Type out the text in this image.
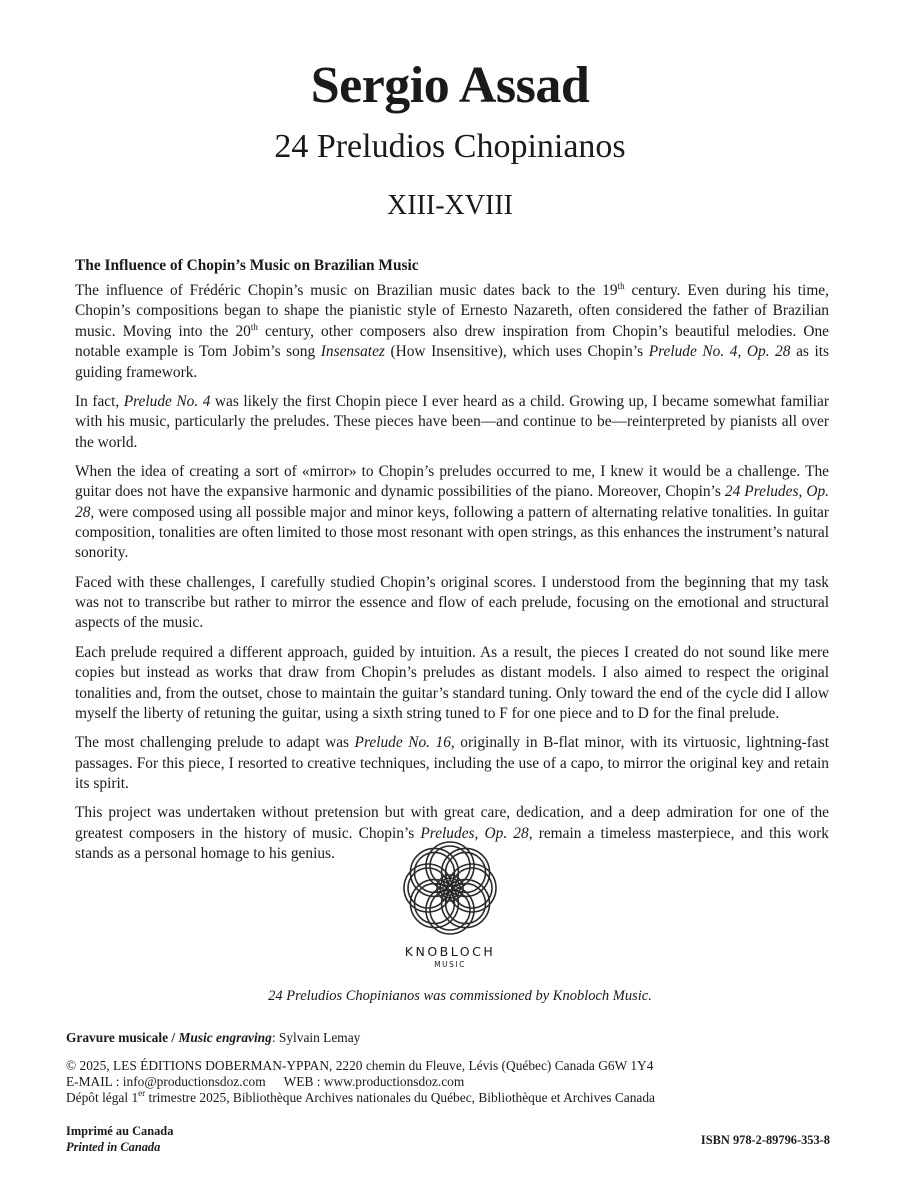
Sergio Assad
24 Preludios Chopinianos
XIII-XVIII
The Influence of Chopin’s Music on Brazilian Music

The influence of Frédéric Chopin’s music on Brazilian music dates back to the 19th century. Even during his time, Chopin’s compositions began to shape the pianistic style of Ernesto Nazareth, often considered the father of Brazilian music. Moving into the 20th century, other composers also drew inspiration from Chopin’s beautiful melodies. One notable example is Tom Jobim’s song Insensatez (How Insensitive), which uses Chopin’s Prelude No. 4, Op. 28 as its guiding framework.

In fact, Prelude No. 4 was likely the first Chopin piece I ever heard as a child. Growing up, I became somewhat familiar with his music, particularly the preludes. These pieces have been—and continue to be—reinterpreted by pianists all over the world.

When the idea of creating a sort of «mirror» to Chopin’s preludes occurred to me, I knew it would be a challenge. The guitar does not have the expansive harmonic and dynamic possibilities of the piano. Moreover, Chopin’s 24 Preludes, Op. 28, were composed using all possible major and minor keys, following a pattern of alternating relative tonalities. In guitar composition, tonalities are often limited to those most resonant with open strings, as this enhances the instrument’s natural sonority.

Faced with these challenges, I carefully studied Chopin’s original scores. I understood from the beginning that my task was not to transcribe but rather to mirror the essence and flow of each prelude, focusing on the emotional and structural aspects of the music.

Each prelude required a different approach, guided by intuition. As a result, the pieces I created do not sound like mere copies but instead as works that draw from Chopin’s preludes as distant models. I also aimed to respect the original tonalities and, from the outset, chose to maintain the guitar’s standard tuning. Only toward the end of the cycle did I allow myself the liberty of retuning the guitar, using a sixth string tuned to F for one piece and to D for the final prelude.

The most challenging prelude to adapt was Prelude No. 16, originally in B-flat minor, with its virtuosic, lightning-fast passages. For this piece, I resorted to creative techniques, including the use of a capo, to mirror the original key and retain its spirit.

This project was undertaken without pretension but with great care, dedication, and a deep admiration for one of the greatest composers in the history of music. Chopin’s Preludes, Op. 28, remain a timeless masterpiece, and this work stands as a personal homage to his genius.

KNOBLOCH
MUSIC
24 Preludios Chopinianos was commissioned by Knobloch Music.
Gravure musicale / Music engraving: Sylvain Lemay
© 2025, LES ÉDITIONS DOBERMAN-YPPAN, 2220 chemin du Fleuve, Lévis (Québec) Canada G6W 1Y4
E-MAIL : info@productionsdoz.com WEB : www.productionsdoz.com
Dépôt légal 1er trimestre 2025, Bibliothèque Archives nationales du Québec, Bibliothèque et Archives Canada
Imprimé au Canada
Printed in Canada	ISBN 978-2-89796-353-8
